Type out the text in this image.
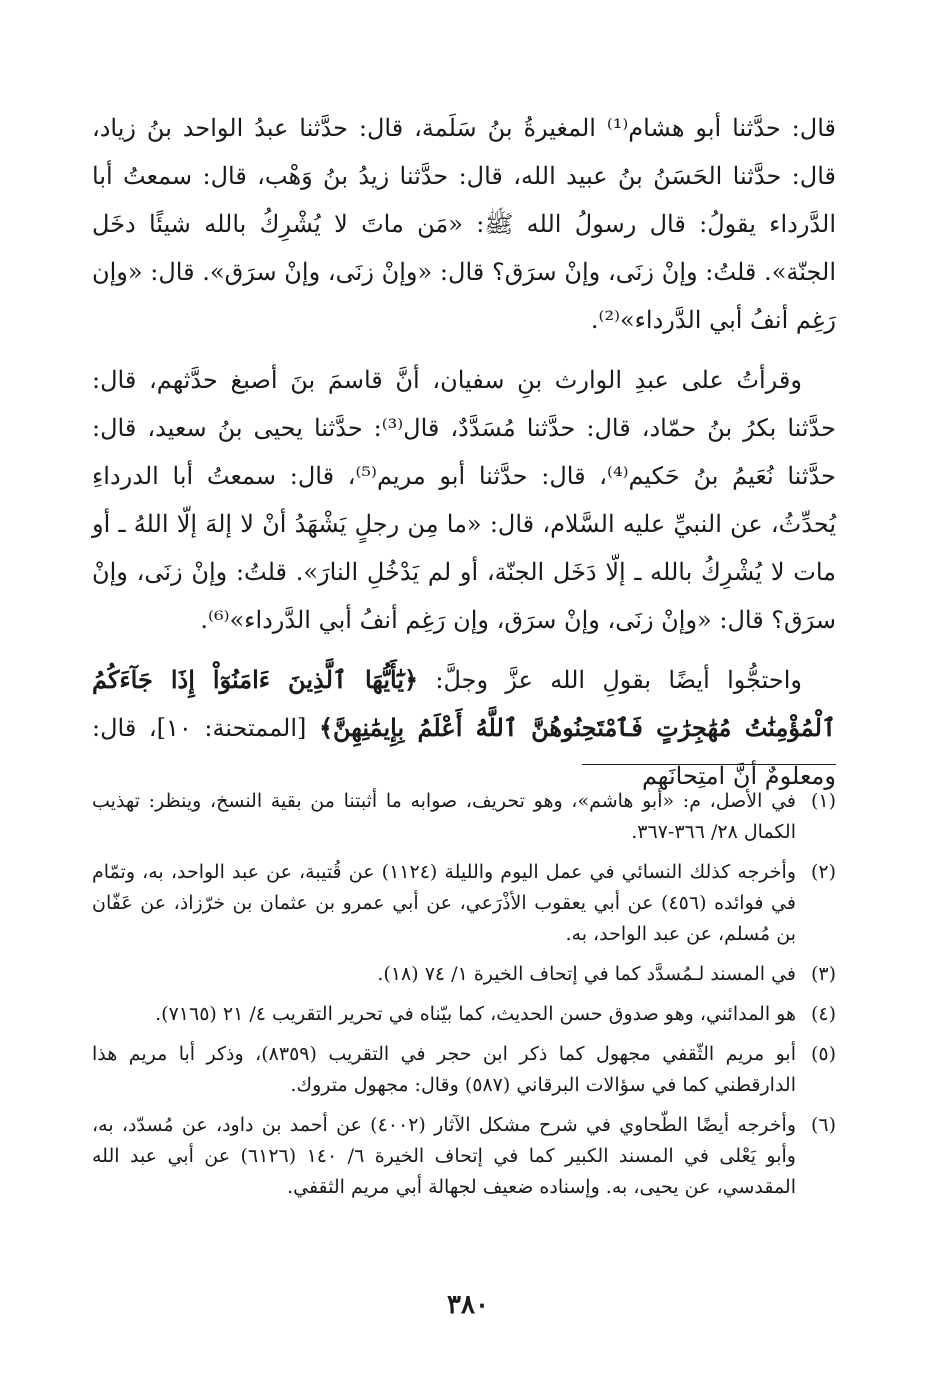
قال: حدَّثنا أبو هشام⁽¹⁾ المغيرةُ بنُ سَلَمة، قال: حدَّثنا عبدُ الواحد بنُ زياد، قال: حدَّثنا الحَسَنُ بنُ عبيد الله، قال: حدَّثنا زيدُ بنُ وَهْب، قال: سمعتُ أبا الدَّرداء يقولُ: قال رسولُ الله ﷺ: «مَن ماتَ لا يُشْرِكُ بالله شيئًا دخَل الجنّة». قلتُ: وإنْ زنَى، وإنْ سرَق؟ قال: «وإنْ زنَى، وإنْ سرَق». قال: «وإن رَغِم أنفُ أبي الدَّرداء»⁽²⁾.

وقرأتُ على عبدِ الوارث بنِ سفيان، أنَّ قاسمَ بنَ أصبغ حدَّثهم، قال: حدَّثنا بكرُ بنُ حمّاد، قال: حدَّثنا مُسَدَّدٌ، قال⁽³⁾: حدَّثنا يحيى بنُ سعيد، قال: حدَّثنا نُعَيمُ بنُ حَكيم⁽⁴⁾، قال: حدَّثنا أبو مريم⁽⁵⁾، قال: سمعتُ أبا الدرداءِ يُحدِّثُ، عن النبيِّ عليه السَّلام، قال: «ما مِن رجلٍ يَشْهَدُ أنْ لا إلهَ إلّا اللهُ ـ أو مات لا يُشْرِكُ بالله ـ إلّا دَخَل الجنّة، أو لم يَدْخُلِ النارَ». قلتُ: وإنْ زنَى، وإنْ سرَق؟ قال: «وإنْ زنَى، وإنْ سرَق، وإن رَغِم أنفُ أبي الدَّرداء»⁽⁶⁾.

واحتجُّوا أيضًا بقولِ الله عزَّ وجلَّ: ﴿يَٰٓأَيُّهَا ٱلَّذِينَ ءَامَنُوٓاْ إِذَا جَآءَكُمُ ٱلْمُؤْمِنَٰتُ مُهَٰجِرَٰتٍ فَٱمْتَحِنُوهُنَّ ٱللَّهُ أَعْلَمُ بِإِيمَٰنِهِنَّ﴾ [الممتحنة: ١٠]، قال: ومعلومٌ أنَّ امتِحانَهم

(١)في الأصل، م: «أبو هاشم»، وهو تحريف، صوابه ما أثبتنا من بقية النسخ، وينظر: تهذيب الكمال ٢٨/ ٣٦٦-٣٦٧.

(٢)وأخرجه كذلك النسائي في عمل اليوم والليلة (١١٢٤) عن قُتيبة، عن عبد الواحد، به، وتمّام في فوائده (٤٥٦) عن أبي يعقوب الأذْرَعي، عن أبي عمرو بن عثمان بن خرّزاذ، عن عَفّان بن مُسلم، عن عبد الواحد، به.

(٣)في المسند لـمُسدَّد كما في إتحاف الخيرة ١/ ٧٤ (١٨).

(٤)هو المدائني، وهو صدوق حسن الحديث، كما بيّناه في تحرير التقريب ٤/ ٢١ (٧١٦٥).

(٥)أبو مريم الثّقفي مجهول كما ذكر ابن حجر في التقريب (٨٣٥٩)، وذكر أبا مريم هذا الدارقطني كما في سؤالات البرقاني (٥٨٧) وقال: مجهول متروك.

(٦)وأخرجه أيضًا الطّحاوي في شرح مشكل الآثار (٤٠٠٢) عن أحمد بن داود، عن مُسدّد، به، وأبو يَعْلى في المسند الكبير كما في إتحاف الخيرة ٦/ ١٤٠ (٦١٢٦) عن أبي عبد الله المقدسي، عن يحيى، به. وإسناده ضعيف لجهالة أبي مريم الثقفي.

٣٨٠
